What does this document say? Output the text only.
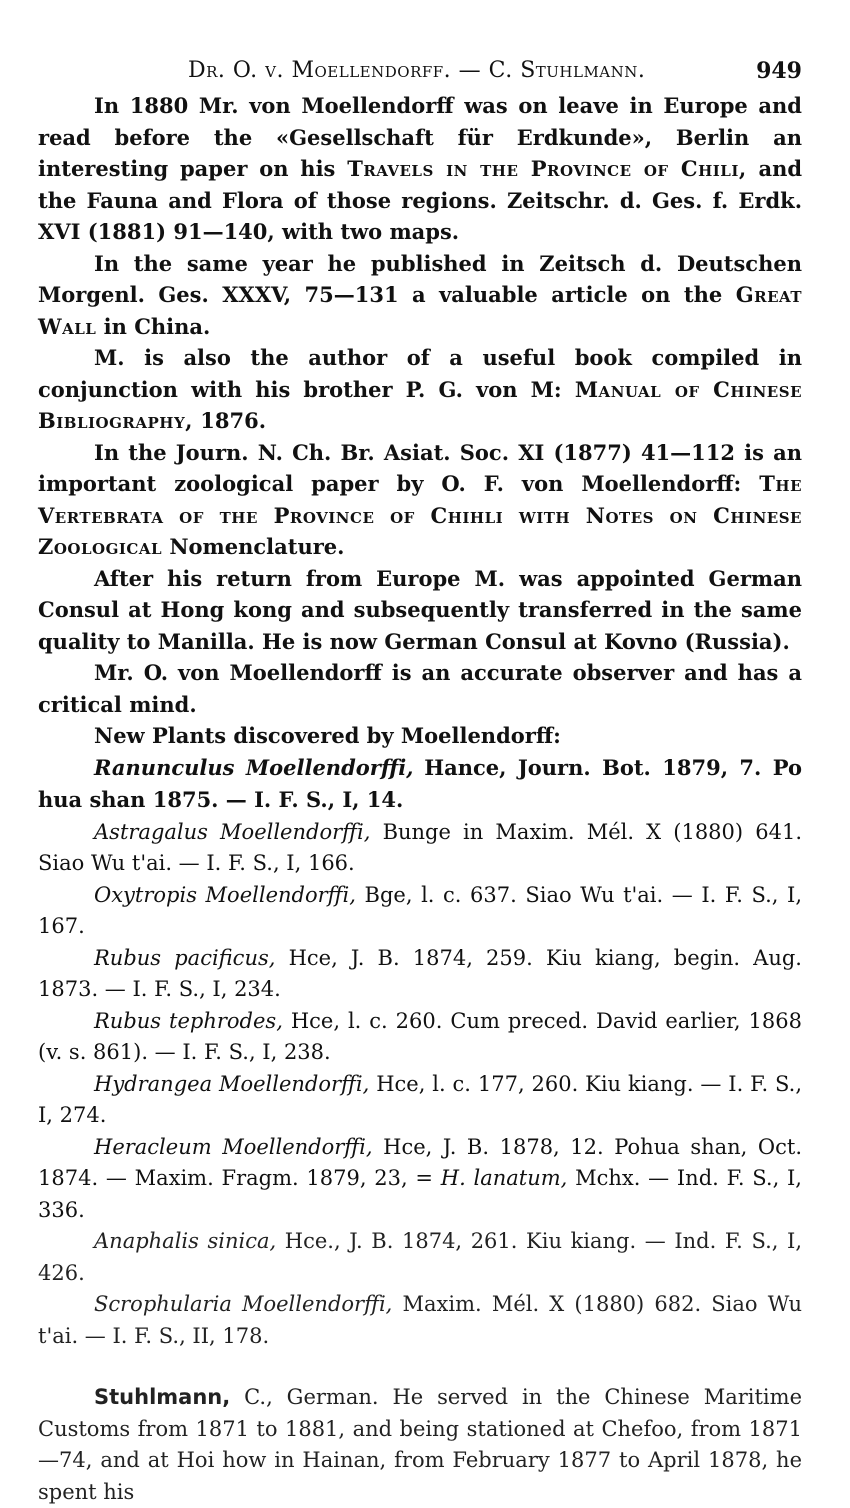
Dr. O. v. Moellendorff. — C. Stuhlmann.	949

In 1880 Mr. von Moellendorff was on leave in Europe and read before the «Gesellschaft für Erdkunde», Berlin an interesting paper on his Travels in the Province of Chili, and the Fauna and Flora of those regions. Zeitschr. d. Ges. f. Erdk. XVI (1881) 91—140, with two maps.

In the same year he published in Zeitsch d. Deutschen Morgenl. Ges. XXXV, 75—131 a valuable article on the Great Wall in China.

M. is also the author of a useful book compiled in conjunction with his brother P. G. von M: Manual of Chinese Bibliography, 1876.

In the Journ. N. Ch. Br. Asiat. Soc. XI (1877) 41—112 is an important zoological paper by O. F. von Moellendorff: The Vertebrata of the Province of Chihli with Notes on Chinese Zoological Nomenclature.

After his return from Europe M. was appointed German Consul at Hong kong and subsequently transferred in the same quality to Manilla. He is now German Consul at Kovno (Russia).

Mr. O. von Moellendorff is an accurate observer and has a critical mind.

New Plants discovered by Moellendorff:

Ranunculus Moellendorffi, Hance, Journ. Bot. 1879, 7. Po hua shan 1875. — I. F. S., I, 14.

Astragalus Moellendorffi, Bunge in Maxim. Mél. X (1880) 641. Siao Wu t'ai. — I. F. S., I, 166.

Oxytropis Moellendorffi, Bge, l. c. 637. Siao Wu t'ai. — I. F. S., I, 167.

Rubus pacificus, Hce, J. B. 1874, 259. Kiu kiang, begin. Aug. 1873. — I. F. S., I, 234.

Rubus tephrodes, Hce, l. c. 260. Cum preced. David earlier, 1868 (v. s. 861). — I. F. S., I, 238.

Hydrangea Moellendorffi, Hce, l. c. 177, 260. Kiu kiang. — I. F. S., I, 274.

Heracleum Moellendorffi, Hce, J. B. 1878, 12. Pohua shan, Oct. 1874. — Maxim. Fragm. 1879, 23, = H. lanatum, Mchx. — Ind. F. S., I, 336.

Anaphalis sinica, Hce., J. B. 1874, 261. Kiu kiang. — Ind. F. S., I, 426.

Scrophularia Moellendorffi, Maxim. Mél. X (1880) 682. Siao Wu t'ai. — I. F. S., II, 178.

Stuhlmann, C., German. He served in the Chinese Maritime Customs from 1871 to 1881, and being stationed at Chefoo, from 1871—74, and at Hoi how in Hainan, from February 1877 to April 1878, he spent his
